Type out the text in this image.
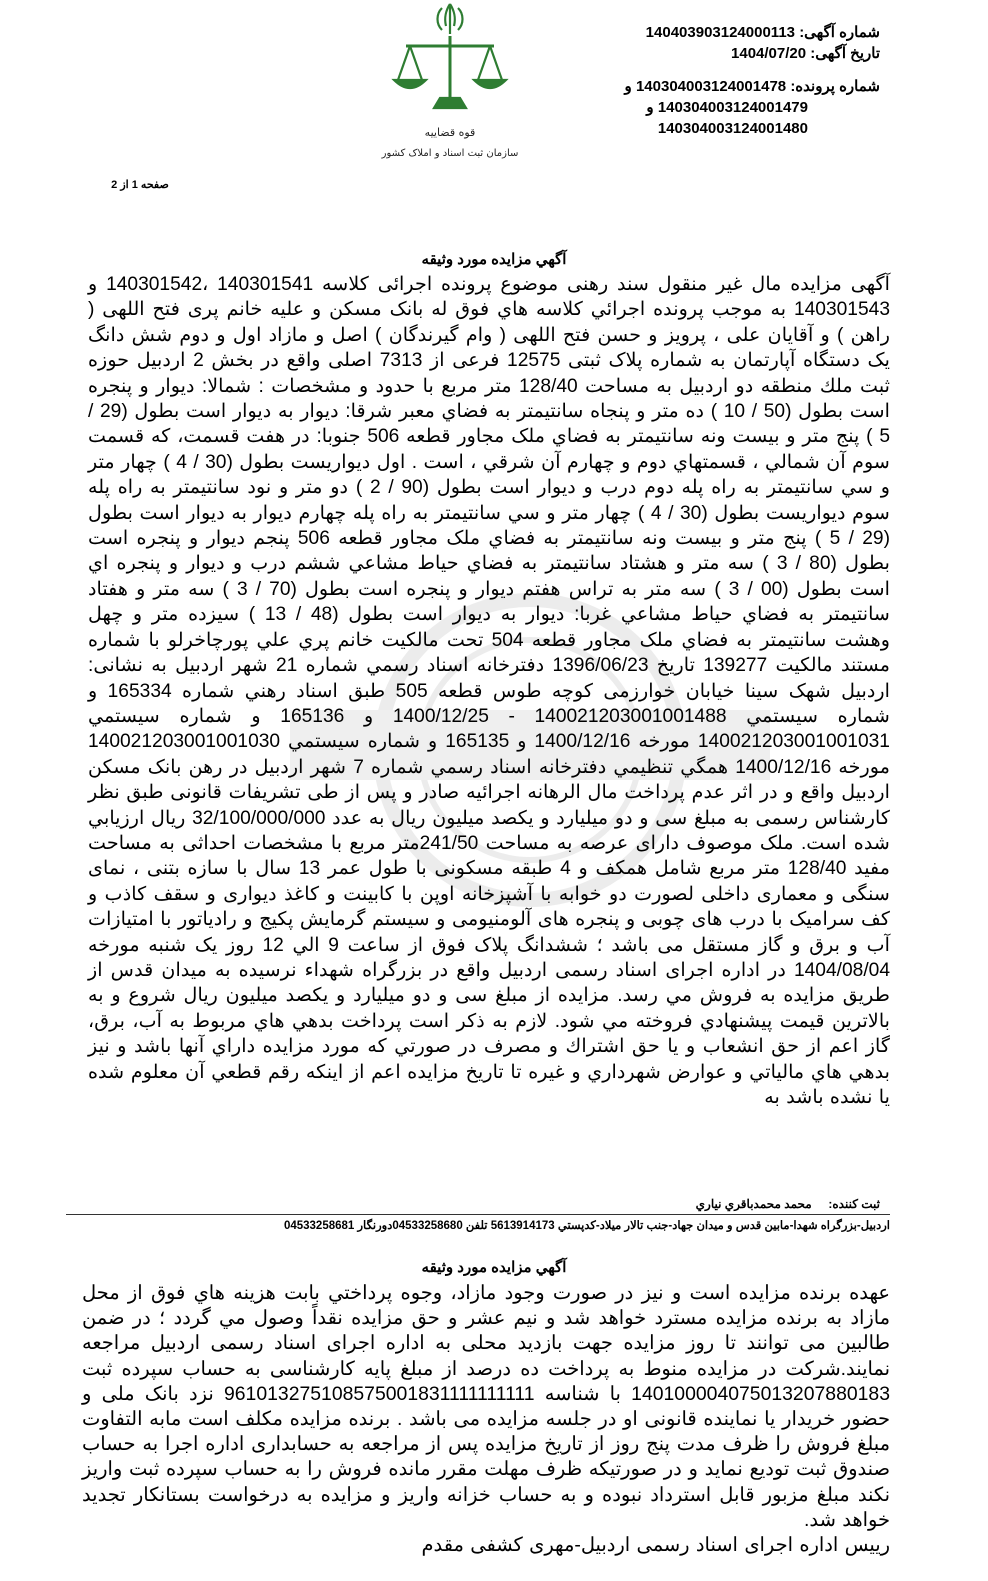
شماره آگهی: 140403903124000113
تاریخ آگهی: 1404/07/20
شماره پرونده: 140304003124001478 و
140304003124001479 و
140304003124001480
قوه قضاییه
سازمان ثبت اسناد و املاک کشور
صفحه 1 از 2
آگهي مزايده مورد وثيقه
آگهی مزایده مال غیر منقول سند رهنی موضوع پرونده اجرائی کلاسه 140301541 ،140301542 و 140301543 به موجب پرونده اجرائي كلاسه هاي فوق له بانک مسکن و علیه خانم پری فتح اللهی ( راهن ) و آقایان علی ، پرویز و حسن فتح اللهی ( وام گیرندگان ) اصل و مازاد اول و دوم شش دانگ یک دستگاه آپارتمان به شماره پلاک ثبتی 12575 فرعی از 7313 اصلی واقع در بخش 2 اردبیل حوزه ثبت ملك منطقه دو اردبیل به مساحت 128/40 متر مربع با حدود و مشخصات : شمالا: دیوار و پنجره است بطول (50 / 10 ) ده متر و پنجاه سانتیمتر به فضاي معبر شرقا: دیوار به دیوار است بطول (29 / 5 ) پنج متر و بیست ونه سانتیمتر به فضاي ملک مجاور قطعه 506 جنوبا: در هفت قسمت، که قسمت سوم آن شمالي ، قسمتهاي دوم و چهارم آن شرقي ، است . اول ديواريست بطول (30 / 4 ) چهار متر و سي سانتيمتر به راه پله دوم درب و ديوار است بطول (90 / 2 ) دو متر و نود سانتيمتر به راه پله سوم ديواريست بطول (30 / 4 ) چهار متر و سي سانتيمتر به راه پله چهارم ديوار به ديوار است بطول (29 / 5 ) پنج متر و بيست ونه سانتيمتر به فضاي ملک مجاور قطعه 506 پنجم ديوار و پنجره است بطول (80 / 3 ) سه متر و هشتاد سانتيمتر به فضاي حياط مشاعي ششم درب و ديوار و پنجره اي است بطول (00 / 3 ) سه متر به تراس هفتم ديوار و پنجره است بطول (70 / 3 ) سه متر و هفتاد سانتيمتر به فضاي حياط مشاعي غربا: ديوار به ديوار است بطول (48 / 13 ) سيزده متر و چهل وهشت سانتيمتر به فضاي ملک مجاور قطعه 504 تحت مالكيت خانم پري علي پورچاخرلو با شماره مستند مالكيت 139277 تاريخ 1396/06/23 دفترخانه اسناد رسمي شماره 21 شهر اردبيل به نشانی: اردبیل شهک سینا خیابان خوارزمی کوچه طوس قطعه 505 طبق اسناد رهني شماره 165334 و شماره سيستمي 140021203001001488 - 1400/12/25 و 165136 و شماره سيستمي 140021203001001031 مورخه 1400/12/16 و 165135 و شماره سيستمي 140021203001001030 مورخه 1400/12/16 همگي تنظيمي دفترخانه اسناد رسمي شماره 7 شهر اردبیل در رهن بانک مسکن اردبیل واقع و در اثر عدم پرداخت مال الرهانه اجرائیه صادر و پس از طی تشریفات قانونی طبق نظر کارشناس رسمی به مبلغ سی و دو میلیارد و یکصد میلیون ریال به عدد 32/100/000/000 ريال ارزيابي شده است. ملک موصوف دارای عرصه به مساحت 241/50متر مربع با مشخصات احداثی به مساحت مفيد 128/40 متر مربع شامل همکف و 4 طبقه مسکونی با طول عمر 13 سال با سازه بتنی ، نمای سنگی و معماری داخلی لصورت دو خوابه با آشپزخانه اوپن با كابينت و کاغذ ديواری و سقف کاذب و کف سرامیک با درب های چوبی و پنجره های آلومنیومی و سیستم گرمایش پکیج و رادیاتور با امتیازات آب و برق و گاز مستقل می باشد ؛ ششدانگ پلاک فوق از ساعت 9 الي 12 روز یک شنبه مورخه 1404/08/04 در اداره اجرای اسناد رسمی اردبیل واقع در بزرگراه شهداء نرسيده به ميدان قدس از طريق مزايده به فروش مي رسد. مزايده از مبلغ سی و دو میلیارد و یکصد میلیون ريال شروع و به بالاترين قيمت پيشنهادي فروخته مي شود. لازم به ذکر است پرداخت بدهي هاي مربوط به آب، برق، گاز اعم از حق انشعاب و يا حق اشتراك و مصرف در صورتي كه مورد مزايده داراي آنها باشد و نيز بدهي هاي مالياتي و عوارض شهرداري و غيره تا تاريخ مزايده اعم از اينكه رقم قطعي آن معلوم شده يا نشده باشد به
ثبت کننده:     محمد محمدباقري نياري
اردبيل-بزرگراه شهدا-مابين قدس و ميدان جهاد-جنب تالار ميلاد-كدپستي 5613914173 تلفن 04533258680دورنگار 04533258681
آگهي مزايده مورد وثيقه
عهده برنده مزايده است و نيز در صورت وجود مازاد، وجوه پرداختي بابت هزينه هاي فوق از محل مازاد به برنده مزايده مسترد خواهد شد و نيم عشر و حق مزايده نقداً وصول مي گردد ؛ در ضمن طالبين می توانند تا روز مزايده جهت بازدید محلی به اداره اجرای اسناد رسمی اردبیل مراجعه نمایند.شرکت در مزايده منوط به پرداخت ده درصد از مبلغ پایه کارشناسی به حساب سپرده ثبت 1401000040750132078801‌83 با شناسه 961013275108575001831111111111 نزد بانک ملی و حضور خریدار یا نماینده قانونی او در جلسه مزایده می باشد . برنده مزایده مکلف است مابه التفاوت مبلغ فروش را ظرف مدت پنج روز از تاریخ مزایده پس از مراجعه به حسابداری اداره اجرا به حساب صندوق ثبت توديع نمايد و در صورتيكه ظرف مهلت مقرر مانده فروش را به حساب سپرده ثبت واريز نكند مبلغ مزبور قابل استرداد نبوده و به حساب خزانه واريز و مزايده به درخواست بستانكار تجديد خواهد شد.
رييس اداره اجرای اسناد رسمی اردبیل-مهری کشفی مقدم
